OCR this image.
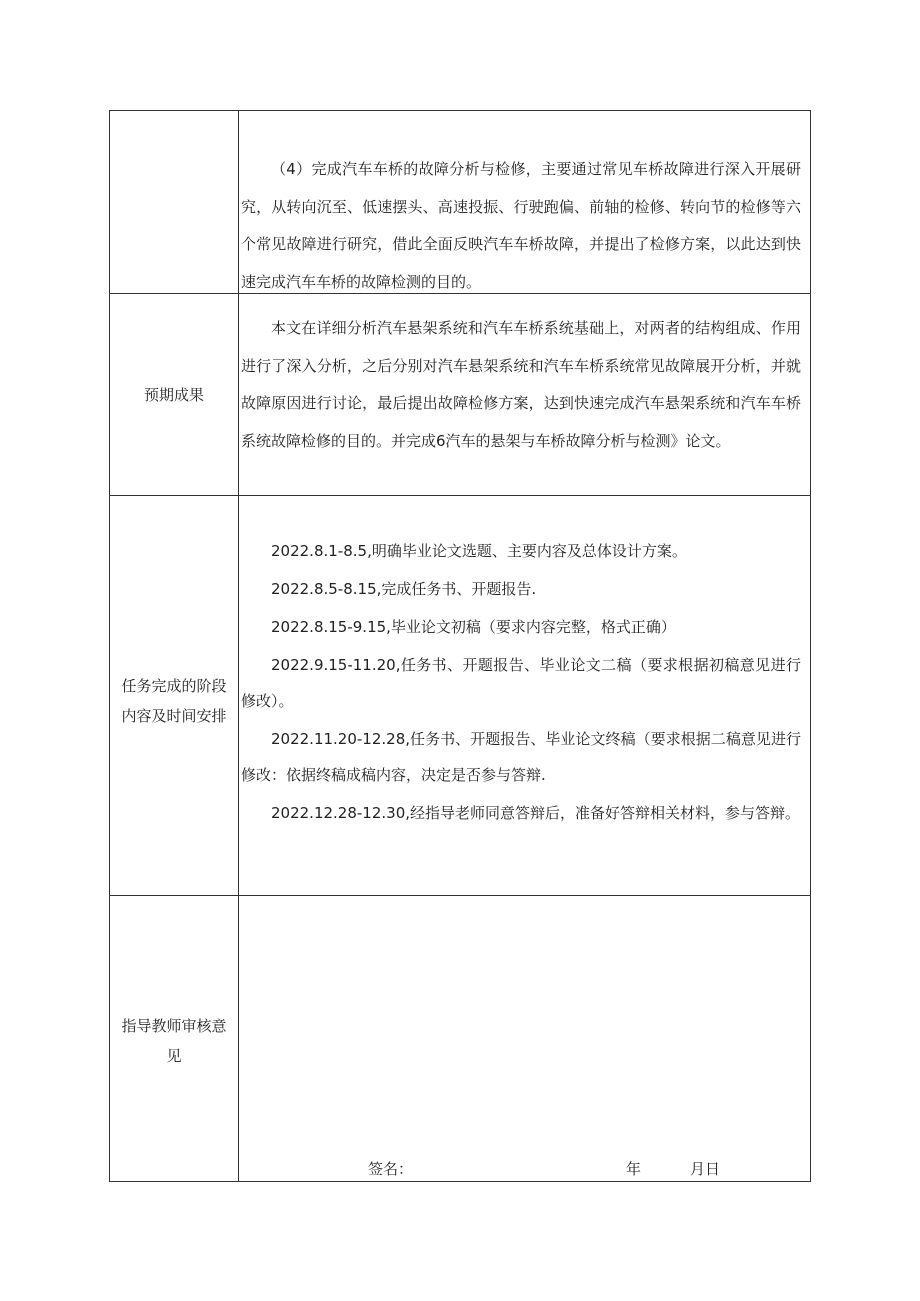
（4）完成汽车车桥的故障分析与检修，主要通过常见车桥故障进行深入开展研究，从转向沉至、低速摆头、高速投振、行驶跑偏、前轴的检修、转向节的检修等六个常见故障进行研究，借此全面反映汽车车桥故障，并提出了检修方案，以此达到快速完成汽车车桥的故障检测的目的。

预期成果

本文在详细分析汽车悬架系统和汽车车桥系统基础上，对两者的结构组成、作用进行了深入分析，之后分别对汽车悬架系统和汽车车桥系统常见故障展开分析，并就故障原因进行讨论，最后提出故障检修方案，达到快速完成汽车悬架系统和汽车车桥系统故障检修的目的。并完成6汽车的悬架与车桥故障分析与检测》论文。

任务完成的阶段
内容及时间安排

2022.8.1-8.5,明确毕业论文选题、主要内容及总体设计方案。

2022.8.5-8.15,完成任务书、开题报告.

2022.8.15-9.15,毕业论文初稿（要求内容完整，格式正确）

2022.9.15-11.20,任务书、开题报告、毕业论文二稿（要求根据初稿意见进行修改）。

2022.11.20-12.28,任务书、开题报告、毕业论文终稿（要求根据二稿意见进行修改：依据终稿成稿内容，决定是否参与答辩.

2022.12.28-12.30,经指导老师同意答辩后，准备好答辩相关材料，参与答辩。

指导教师审核意
见
签名：	年	月日
